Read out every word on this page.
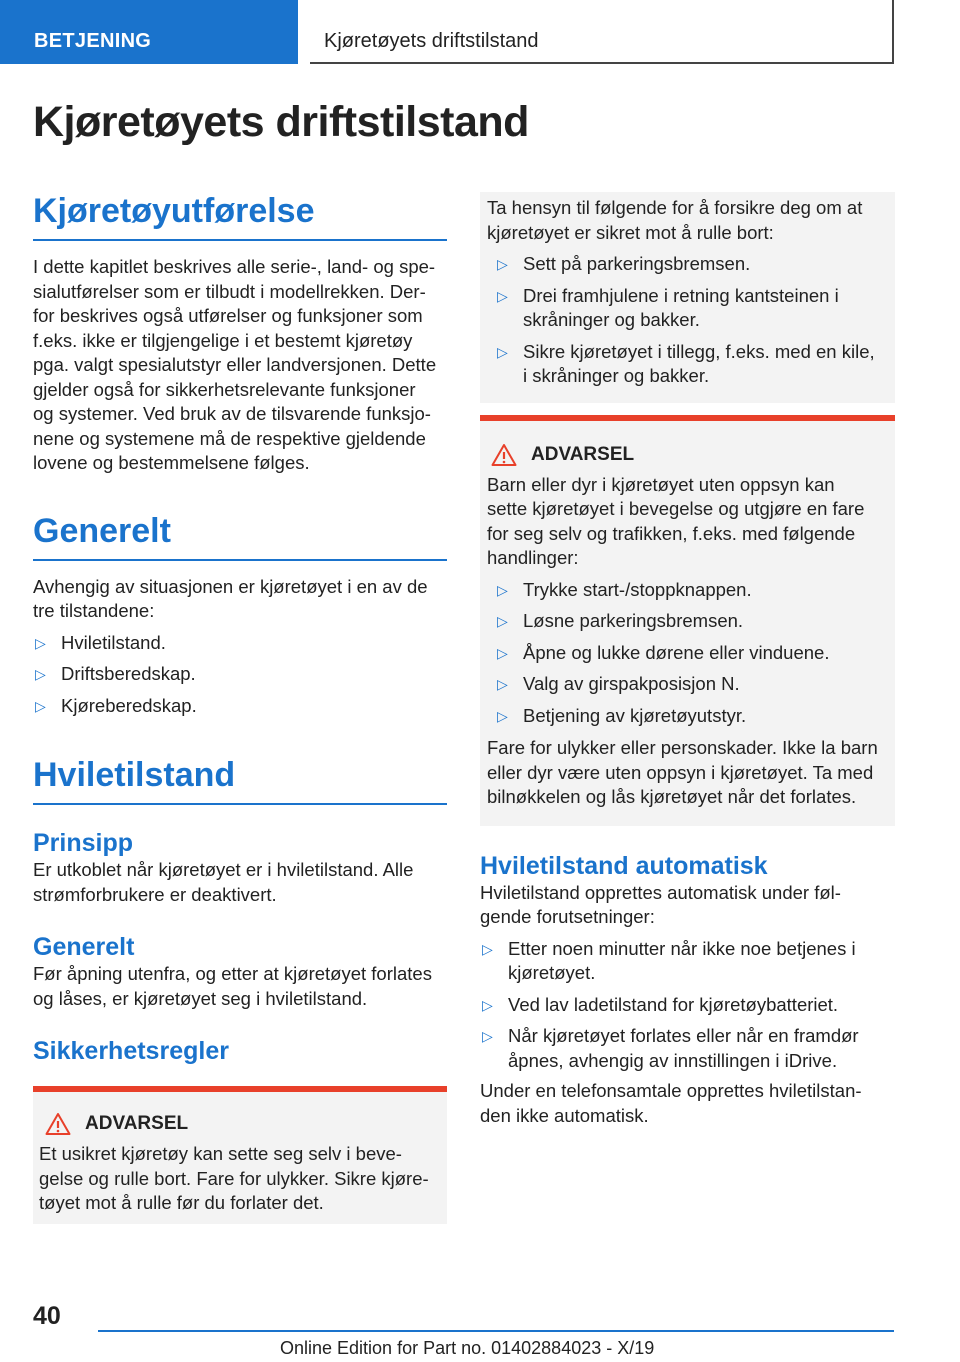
BETJENING	Kjøretøyets driftstilstand
Kjøretøyets driftstilstand
Kjøretøyutførelse

I dette kapitlet beskrives alle serie-, land- og spe-

sialutførelser som er tilbudt i modellrekken. Der-

for beskrives også utførelser og funksjoner som

f.eks. ikke er tilgjengelige i et bestemt kjøretøy

pga. valgt spesialutstyr eller landversjonen. Dette

gjelder også for sikkerhetsrelevante funksjoner

og systemer. Ved bruk av de tilsvarende funksjo-

nene og systemene må de respektive gjeldende

lovene og bestemmelsene følges.

Generelt

Avhengig av situasjonen er kjøretøyet i en av de

tre tilstandene:

▷ Hviletilstand.
▷ Driftsberedskap.
▷ Kjøreberedskap.
Hviletilstand
Prinsipp

Er utkoblet når kjøretøyet er i hviletilstand. Alle

strømforbrukere er deaktivert.

Generelt

Før åpning utenfra, og etter at kjøretøyet forlates

og låses, er kjøretøyet seg i hviletilstand.

Sikkerhetsregler
ADVARSEL

Et usikret kjøretøy kan sette seg selv i beve-

gelse og rulle bort. Fare for ulykker. Sikre kjøre-

tøyet mot å rulle før du forlater det.

Ta hensyn til følgende for å forsikre deg om at

kjøretøyet er sikret mot å rulle bort:

▷ Sett på parkeringsbremsen.
▷ Drei framhjulene i retning kantsteinen i
skråninger og bakker.
▷ Sikre kjøretøyet i tillegg, f.eks. med en kile,
i skråninger og bakker.
ADVARSEL

Barn eller dyr i kjøretøyet uten oppsyn kan

sette kjøretøyet i bevegelse og utgjøre en fare

for seg selv og trafikken, f.eks. med følgende

handlinger:

▷ Trykke start-/stoppknappen.
▷ Løsne parkeringsbremsen.
▷ Åpne og lukke dørene eller vinduene.
▷ Valg av girspakposisjon N.
▷ Betjening av kjøretøyutstyr.

Fare for ulykker eller personskader. Ikke la barn

eller dyr være uten oppsyn i kjøretøyet. Ta med

bilnøkkelen og lås kjøretøyet når det forlates.

Hviletilstand automatisk

Hviletilstand opprettes automatisk under føl-

gende forutsetninger:

▷ Etter noen minutter når ikke noe betjenes i
kjøretøyet.
▷ Ved lav ladetilstand for kjøretøybatteriet.
▷ Når kjøretøyet forlates eller når en framdør
åpnes, avhengig av innstillingen i iDrive.

Under en telefonsamtale opprettes hviletilstan-

den ikke automatisk.

40
Online Edition for Part no. 01402884023 - X/19
